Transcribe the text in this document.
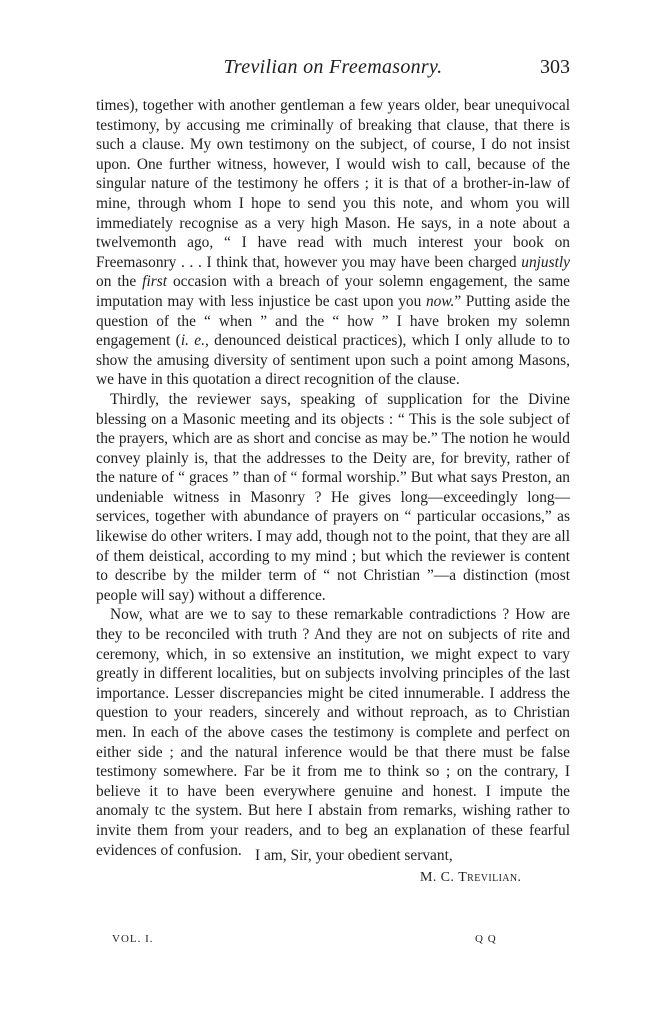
Trevilian on Freemasonry.	303

times), together with another gentleman a few years older, bear unequivocal testimony, by accusing me criminally of breaking that clause, that there is such a clause. My own testimony on the subject, of course, I do not insist upon. One further witness, however, I would wish to call, because of the singular nature of the testimony he offers ; it is that of a brother-in-law of mine, through whom I hope to send you this note, and whom you will immediately recognise as a very high Mason. He says, in a note about a twelvemonth ago, “ I have read with much interest your book on Freemasonry . . . I think that, however you may have been charged unjustly on the first occasion with a breach of your solemn engagement, the same imputation may with less injustice be cast upon you now.” Putting aside the question of the “ when ” and the “ how ” I have broken my solemn engagement (i. e., denounced deistical practices), which I only allude to to show the amusing diversity of sentiment upon such a point among Masons, we have in this quotation a direct recognition of the clause.

Thirdly, the reviewer says, speaking of supplication for the Divine blessing on a Masonic meeting and its objects : “ This is the sole subject of the prayers, which are as short and concise as may be.” The notion he would convey plainly is, that the addresses to the Deity are, for brevity, rather of the nature of “ graces ” than of “ formal worship.” But what says Preston, an undeniable witness in Masonry ? He gives long—exceedingly long—services, together with abundance of prayers on “ particular occasions,” as likewise do other writers. I may add, though not to the point, that they are all of them deistical, according to my mind ; but which the reviewer is content to describe by the milder term of “ not Christian ”—a distinction (most people will say) without a difference.

Now, what are we to say to these remarkable contradictions ? How are they to be reconciled with truth ? And they are not on subjects of rite and ceremony, which, in so extensive an institution, we might expect to vary greatly in different localities, but on subjects involving principles of the last importance. Lesser discrepancies might be cited innumerable. I address the question to your readers, sincerely and without reproach, as to Christian men. In each of the above cases the testimony is complete and perfect on either side ; and the natural inference would be that there must be false testimony somewhere. Far be it from me to think so ; on the contrary, I believe it to have been everywhere genuine and honest. I impute the anomaly tc the system. But here I abstain from remarks, wishing rather to invite them from your readers, and to beg an explanation of these fearful evidences of confusion. I am, Sir, your obedient servant,
M. C. Trevilian.
VOL. I.	Q Q
